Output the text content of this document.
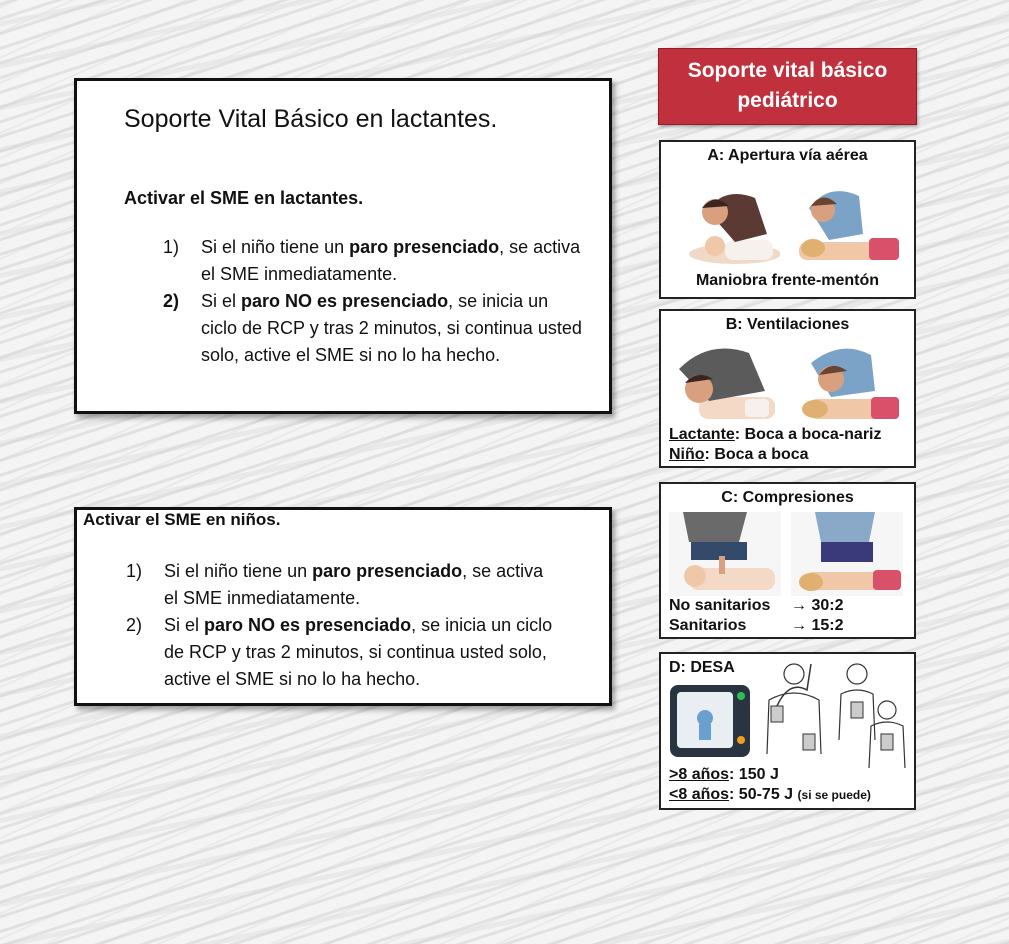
Soporte Vital Básico en lactantes.
Activar el SME en lactantes.
1) Si el niño tiene un paro presenciado, se activa el SME inmediatamente.
2) Si el paro NO es presenciado, se inicia un ciclo de RCP y tras 2 minutos, si continua usted solo, active el SME si no lo ha hecho.
Activar el SME en niños.
1) Si el niño tiene un paro presenciado, se activa el SME inmediatamente.
2) Si el paro NO es presenciado, se inicia un ciclo de RCP y tras 2 minutos, si continua usted solo, active el SME si no lo ha hecho.
Soporte vital básico
pediátrico
A: Apertura vía aérea
Maniobra frente-mentón
B: Ventilaciones
Lactante: Boca a boca-nariz
Niño: Boca a boca
C: Compresiones
No sanitarios → 30:2
Sanitarios	→ 15:2
D: DESA
>8 años: 150 J
<8 años: 50-75 J (si se puede)
